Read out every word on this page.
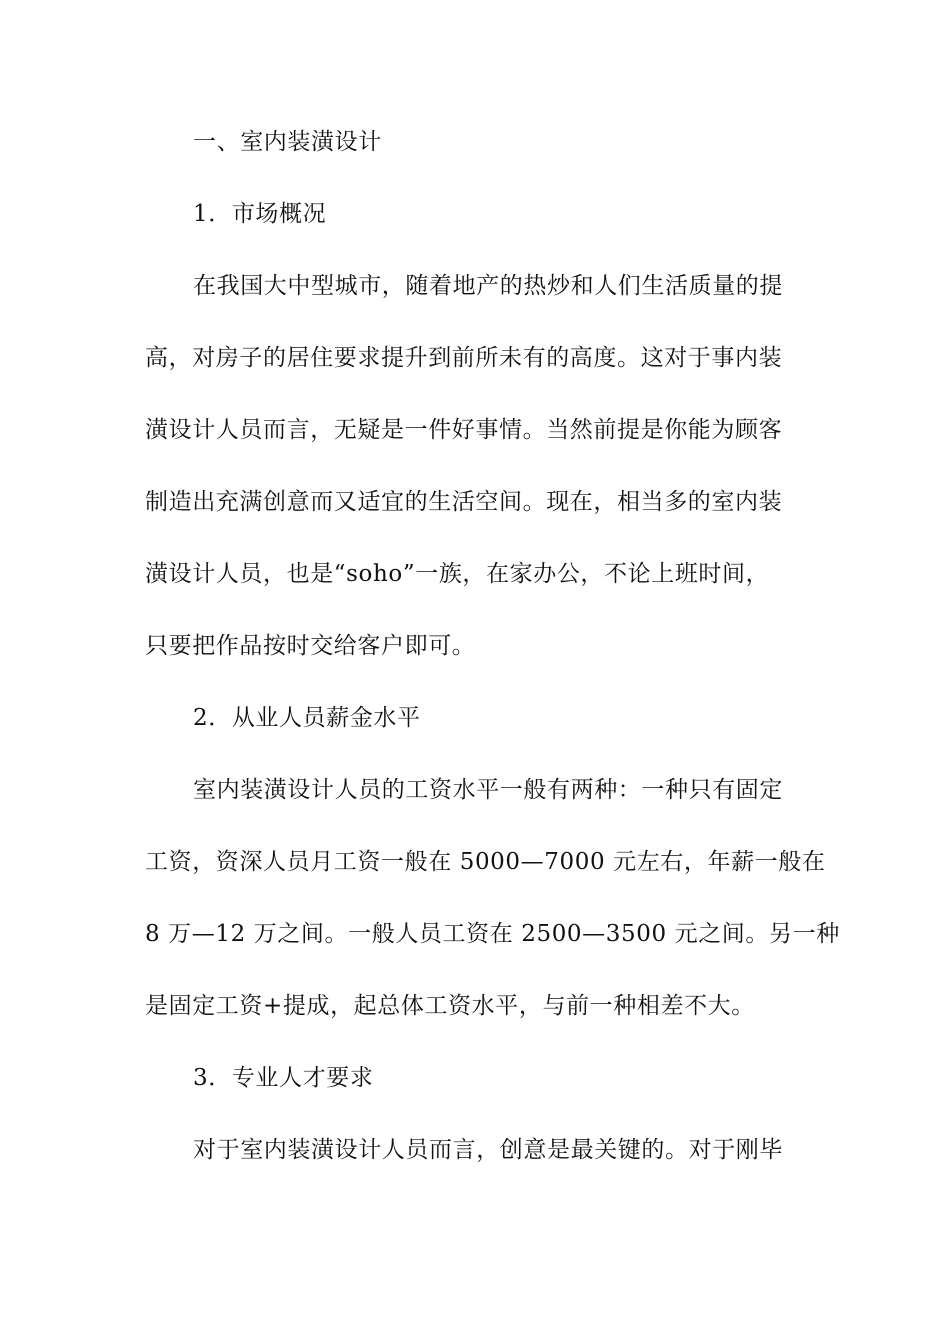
一、室内装潢设计

1．市场概况

在我国大中型城市，随着地产的热炒和人们生活质量的提

高，对房子的居住要求提升到前所未有的高度。这对于事内装

潢设计人员而言，无疑是一件好事情。当然前提是你能为顾客

制造出充满创意而又适宜的生活空间。现在，相当多的室内装

潢设计人员，也是“soho”一族，在家办公，不论上班时间，

只要把作品按时交给客户即可。

2．从业人员薪金水平

室内装潢设计人员的工资水平一般有两种：一种只有固定

工资，资深人员月工资一般在 5000—7000 元左右，年薪一般在

8 万—12 万之间。一般人员工资在 2500—3500 元之间。另一种

是固定工资+提成，起总体工资水平，与前一种相差不大。

3．专业人才要求

对于室内装潢设计人员而言，创意是最关键的。对于刚毕
